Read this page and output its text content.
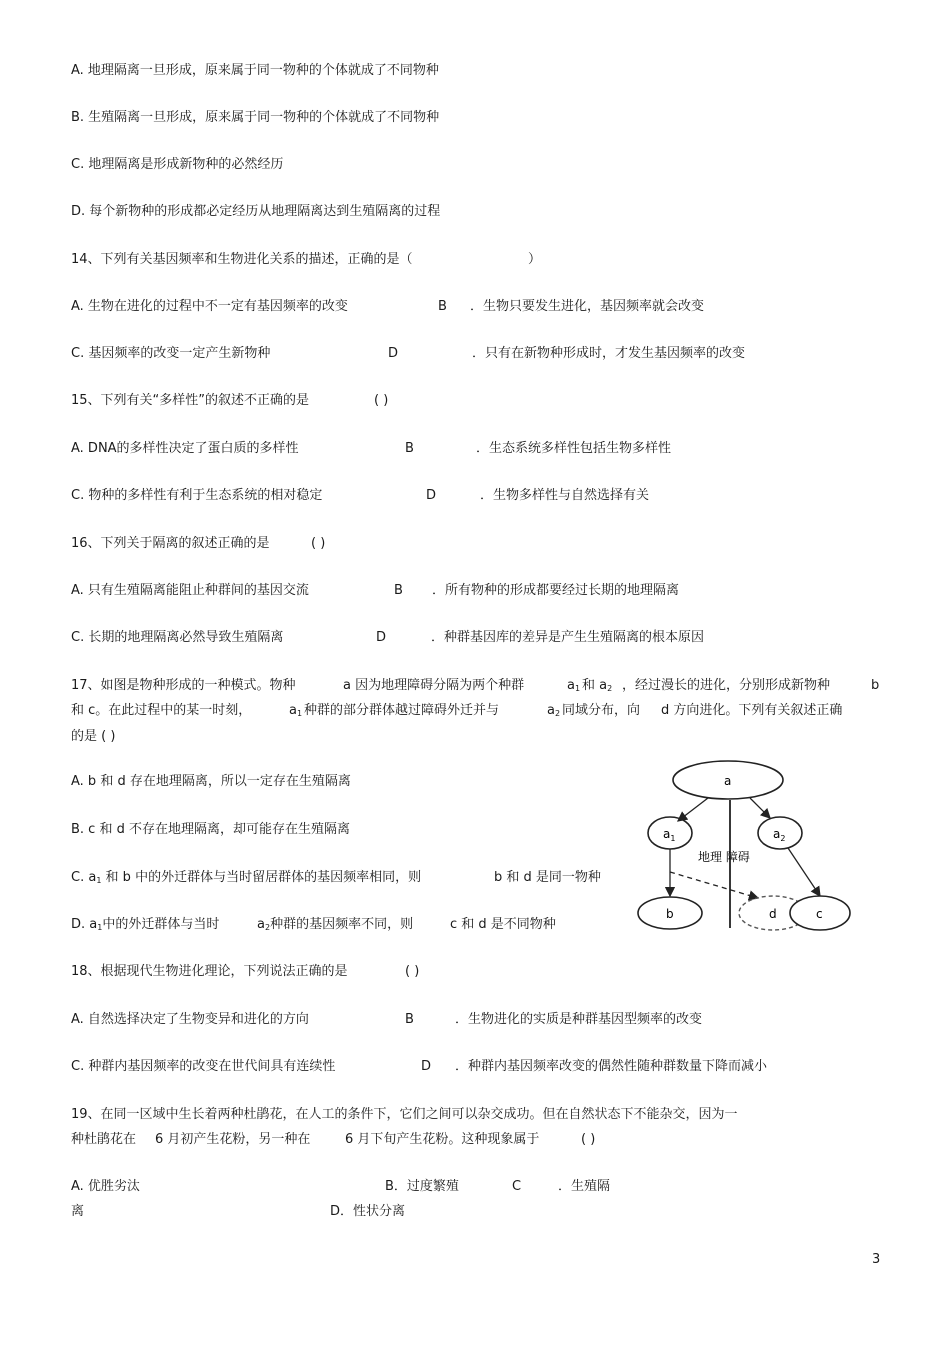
A. 地理隔离一旦形成，原来属于同一物种的个体就成了不同物种
B. 生殖隔离一旦形成，原来属于同一物种的个体就成了不同物种
C. 地理隔离是形成新物种的必然经历
D. 每个新物种的形成都必定经历从地理隔离达到生殖隔离的过程
14、下列有关基因频率和生物进化关系的描述，正确的是（	）
A. 生物在进化的过程中不一定有基因频率的改变	B ．生物只要发生进化，基因频率就会改变
C. 基因频率的改变一定产生新物种	D	．只有在新物种形成时，才发生基因频率的改变
15、下列有关“多样性”的叙述不正确的是	( )
A. DNA的多样性决定了蛋白质的多样性	B	．生态系统多样性包括生物多样性
C. 物种的多样性有利于生态系统的相对稳定	D	．生物多样性与自然选择有关
16、下列关于隔离的叙述正确的是	( )
A. 只有生殖隔离能阻止种群间的基因交流	B ．所有物种的形成都要经过长期的地理隔离
C. 长期的地理隔离必然导致生殖隔离	D	．种群基因库的差异是产生生殖隔离的根本原因
17、如图是物种形成的一种模式。物种	a 因为地理障碍分隔为两个种群	$a_1$ 和 $a_2$ ，经过漫长的进化，分别形成新物种	b
和 c。在此过程中的某一时刻，	$a_1$ 种群的部分群体越过障碍外迁并与	$a_2$ 同域分布，向 d 方向进化。下列有关叙述正确
的是 ( )
A. b 和 d 存在地理隔离，所以一定存在生殖隔离
B. c 和 d 不存在地理隔离，却可能存在生殖隔离
C. $a_1$ 和 b 中的外迁群体与当时留居群体的基因频率相同，则	b 和 d 是同一物种
D. $a_1$中的外迁群体与当时	$a_2$种群的基因频率不同，则	c 和 d 是不同物种
a
$a_1$	$a_2$
地理 障碍
b	d	c
18、根据现代生物进化理论，下列说法正确的是	( )
A. 自然选择决定了生物变异和进化的方向	B	．生物进化的实质是种群基因型频率的改变
C. 种群内基因频率的改变在世代间具有连续性	D ．种群内基因频率改变的偶然性随种群数量下降而减小
19、在同一区域中生长着两种杜鹃花，在人工的条件下，它们之间可以杂交成功。但在自然状态下不能杂交，因为一
种杜鹃花在 6 月初产生花粉，另一种在	6 月下旬产生花粉。这种现象属于	( )
A. 优胜劣汰	B．过度繁殖	C	．生殖隔
离	D．性状分离
3
